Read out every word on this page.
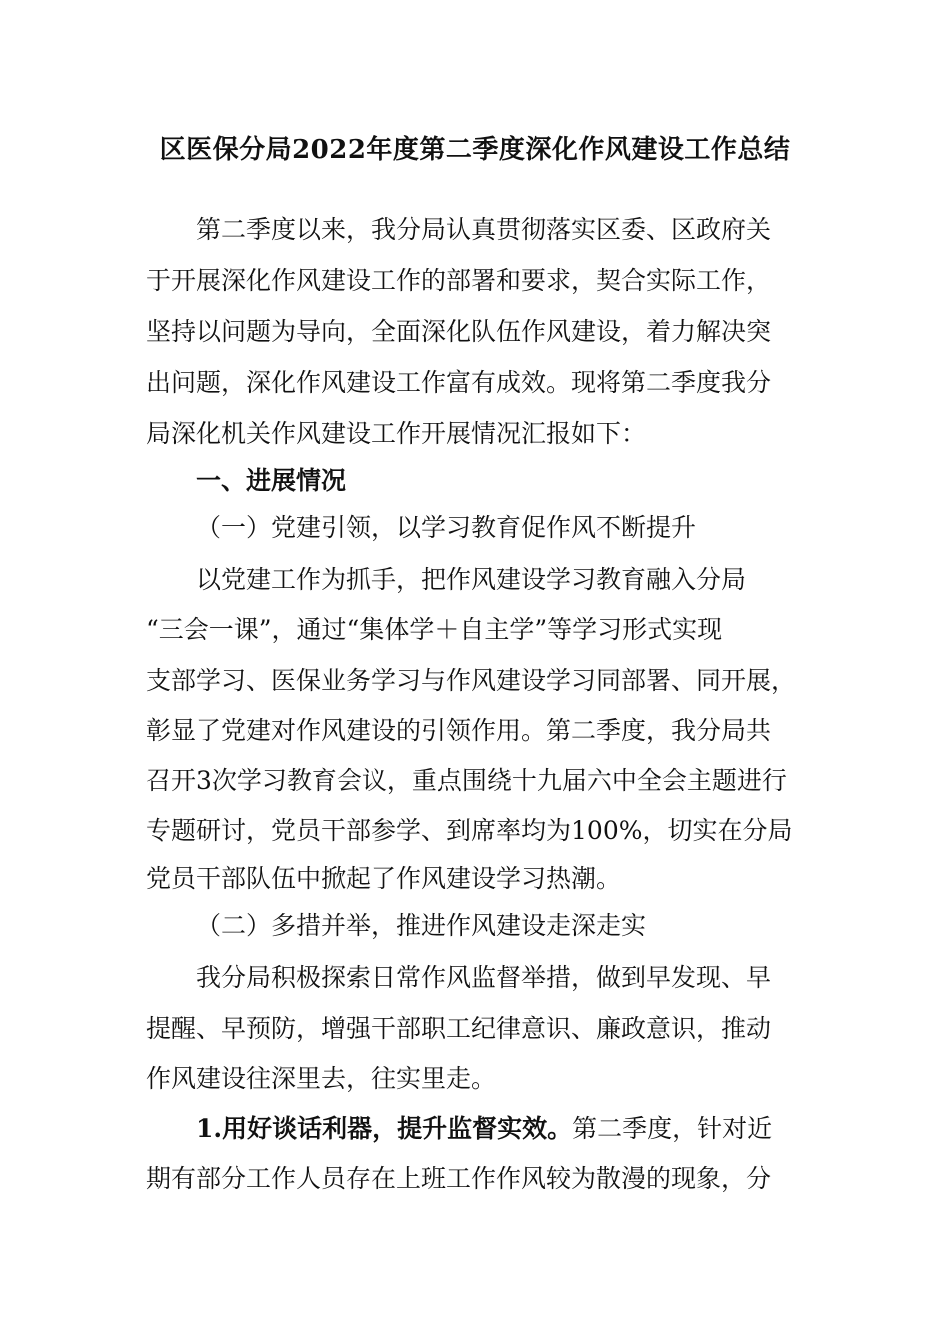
区医保分局2022年度第二季度深化作风建设工作总结
第二季度以来，我分局认真贯彻落实区委、区政府关
于开展深化作风建设工作的部署和要求，契合实际工作，
坚持以问题为导向，全面深化队伍作风建设，着力解决突
出问题，深化作风建设工作富有成效。现将第二季度我分
局深化机关作风建设工作开展情况汇报如下：
一、进展情况
（一）党建引领，以学习教育促作风不断提升
以党建工作为抓手，把作风建设学习教育融入分局
“三会一课”，通过“集体学＋自主学”等学习形式实现
支部学习、医保业务学习与作风建设学习同部署、同开展，
彰显了党建对作风建设的引领作用。第二季度，我分局共
召开3次学习教育会议，重点围绕十九届六中全会主题进行
专题研讨，党员干部参学、到席率均为100%，切实在分局
党员干部队伍中掀起了作风建设学习热潮。
（二）多措并举，推进作风建设走深走实
我分局积极探索日常作风监督举措，做到早发现、早
提醒、早预防，增强干部职工纪律意识、廉政意识，推动
作风建设往深里去，往实里走。
1.用好谈话利器，提升监督实效。第二季度，针对近
期有部分工作人员存在上班工作作风较为散漫的现象，分
